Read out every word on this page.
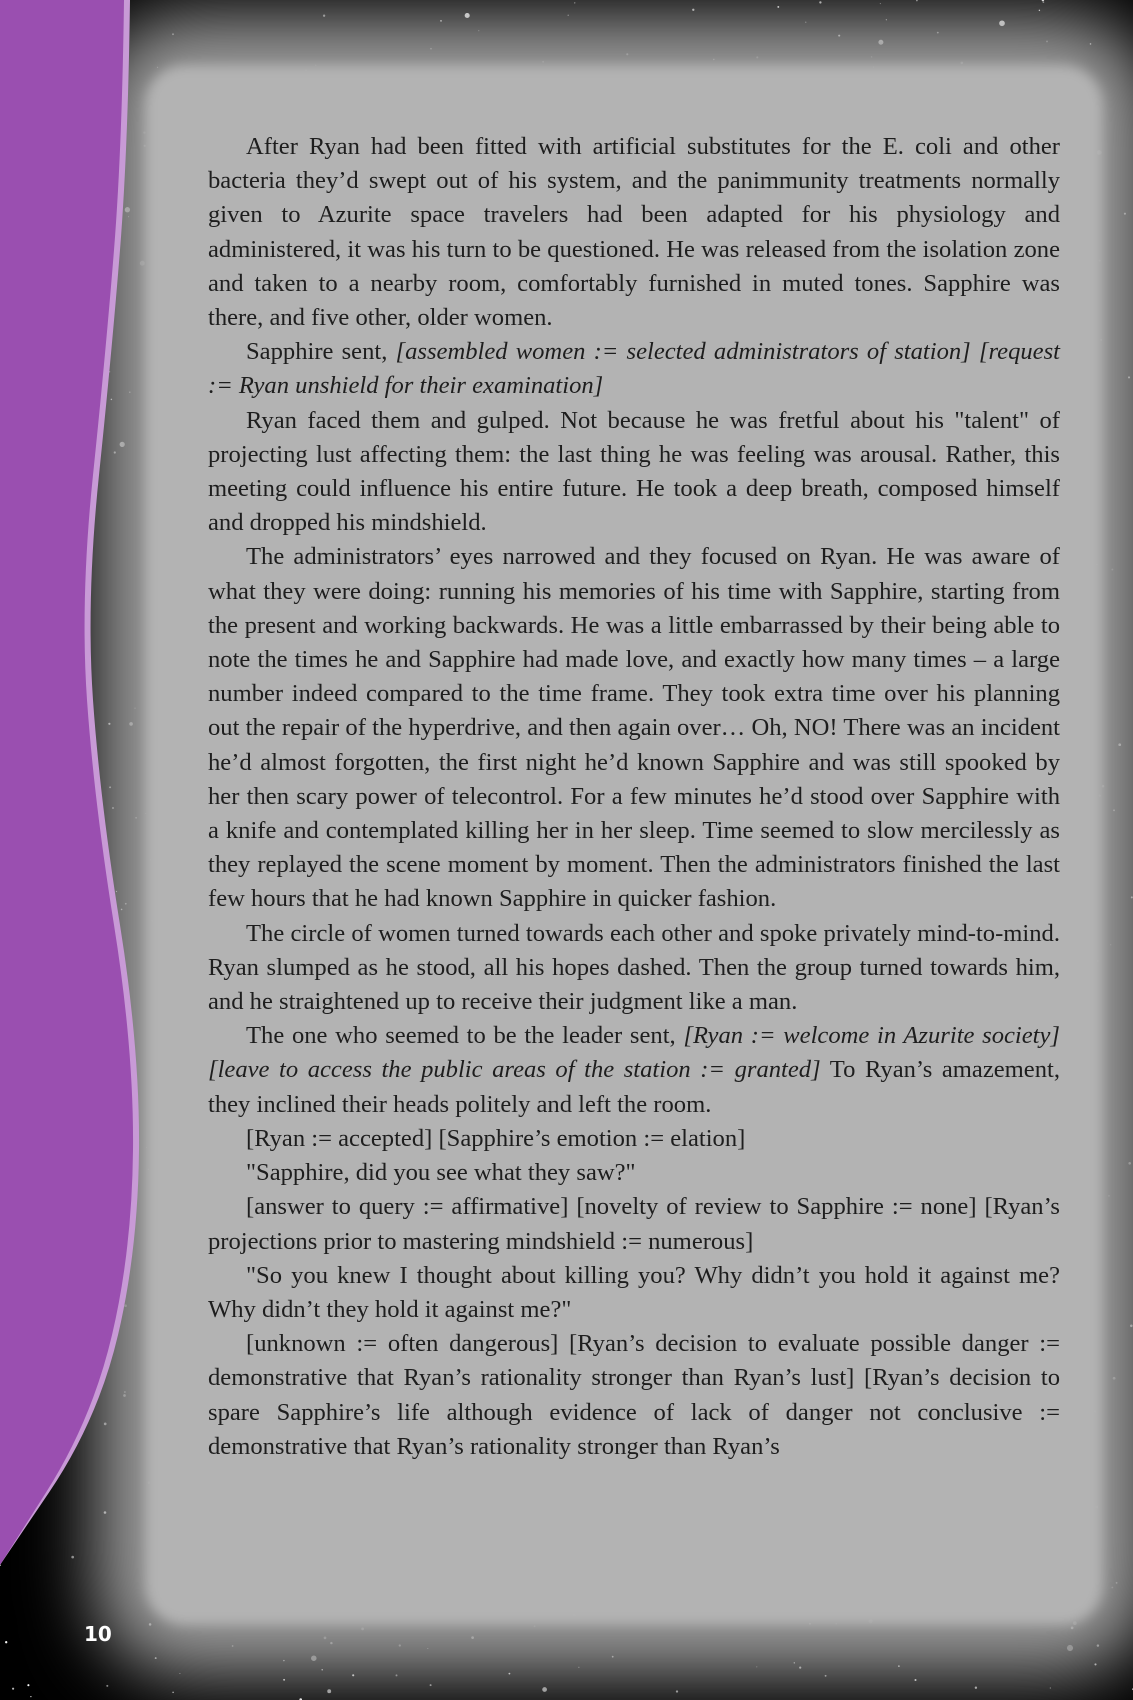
After Ryan had been fitted with artificial substitutes for the E. coli and other bacteria they’d swept out of his system, and the panimmunity treatments normally given to Azurite space travelers had been adapted for his physiology and administered, it was his turn to be questioned. He was released from the isolation zone and taken to a nearby room, comfortably furnished in muted tones. Sapphire was there, and five other, older women.

Sapphire sent, [assembled women := selected administrators of station] [request := Ryan unshield for their examination]

Ryan faced them and gulped. Not because he was fretful about his "talent" of projecting lust affecting them: the last thing he was feeling was arousal. Rather, this meeting could influence his entire future. He took a deep breath, composed himself and dropped his mindshield.

The administrators’ eyes narrowed and they focused on Ryan. He was aware of what they were doing: running his memories of his time with Sapphire, starting from the present and working backwards. He was a little embarrassed by their being able to note the times he and Sapphire had made love, and exactly how many times – a large number indeed compared to the time frame. They took extra time over his planning out the repair of the hyperdrive, and then again over… Oh, NO! There was an incident he’d almost forgotten, the first night he’d known Sapphire and was still spooked by her then scary power of telecontrol. For a few minutes he’d stood over Sapphire with a knife and contemplated killing her in her sleep. Time seemed to slow mercilessly as they replayed the scene moment by moment. Then the administrators finished the last few hours that he had known Sapphire in quicker fashion.

The circle of women turned towards each other and spoke privately mind-to-mind. Ryan slumped as he stood, all his hopes dashed. Then the group turned towards him, and he straightened up to receive their judgment like a man.

The one who seemed to be the leader sent, [Ryan := welcome in Azurite society] [leave to access the public areas of the station := granted] To Ryan’s amazement, they inclined their heads politely and left the room.

[Ryan := accepted] [Sapphire’s emotion := elation]

"Sapphire, did you see what they saw?"

[answer to query := affirmative] [novelty of review to Sapphire := none] [Ryan’s projections prior to mastering mindshield := numerous]

"So you knew I thought about killing you? Why didn’t you hold it against me? Why didn’t they hold it against me?"

[unknown := often dangerous] [Ryan’s decision to evaluate possible danger := demonstrative that Ryan’s rationality stronger than Ryan’s lust] [Ryan’s decision to spare Sapphire’s life although evidence of lack of danger not conclusive := demonstrative that Ryan’s rationality stronger than Ryan’s

10
